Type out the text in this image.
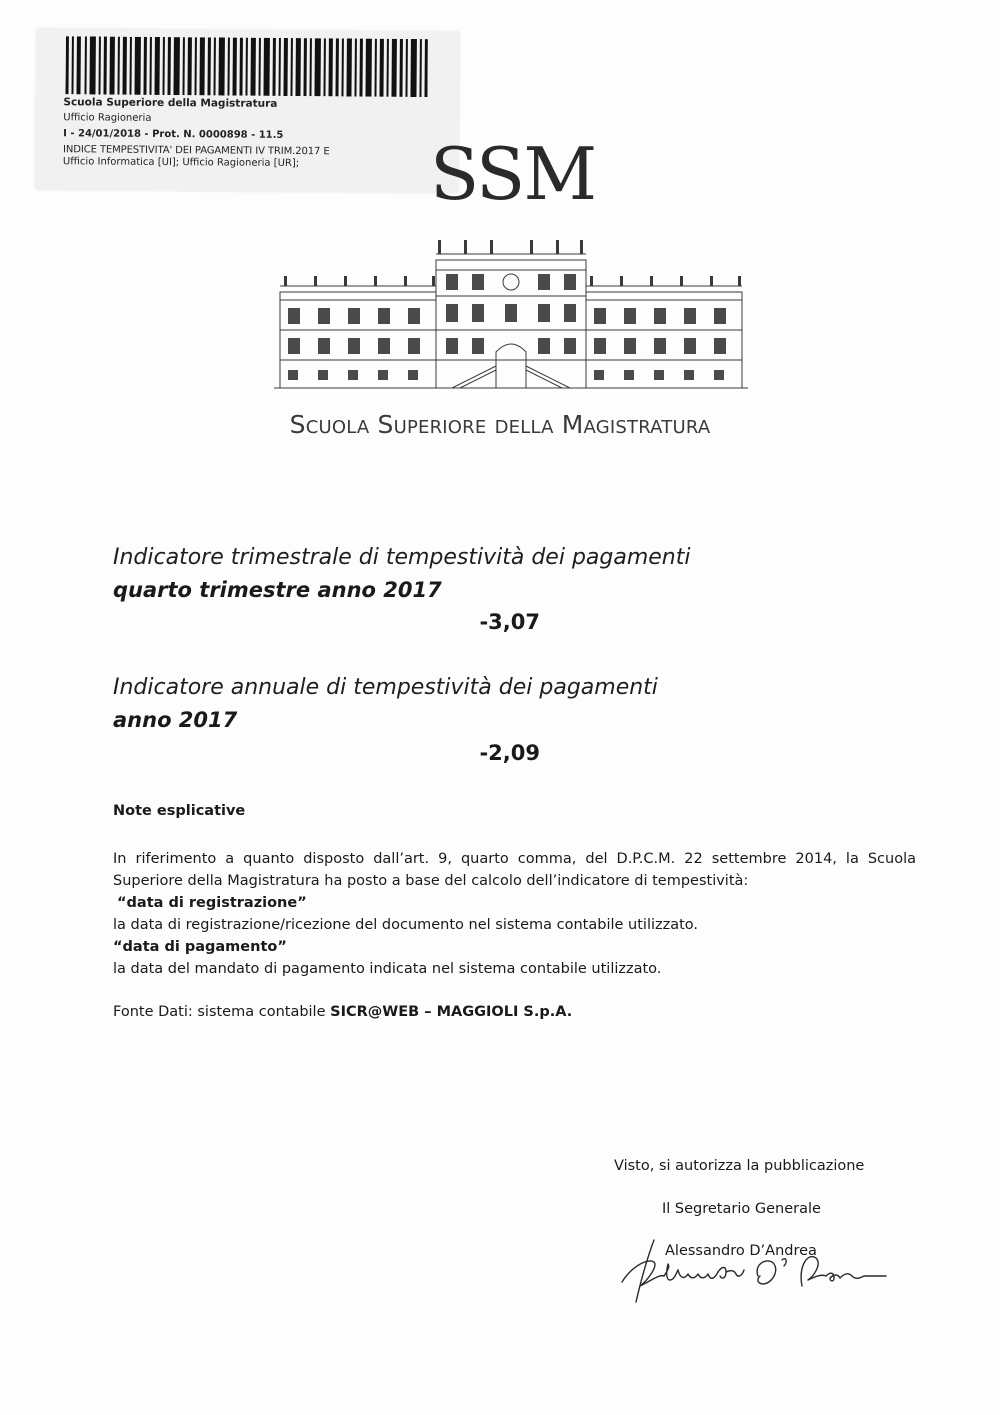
Scuola Superiore della Magistratura
Ufficio Ragioneria
I - 24/01/2018 - Prot. N. 0000898 - 11.5
INDICE TEMPESTIVITA' DEI PAGAMENTI IV TRIM.2017 E
Ufficio Informatica [UI]; Ufficio Ragioneria [UR]; SSM
Scuola Superiore della Magistratura
Indicatore trimestrale di tempestività dei pagamenti
quarto trimestre anno 2017
-3,07
Indicatore annuale di tempestività dei pagamenti
anno 2017
-2,09
Note esplicative

In riferimento a quanto disposto dall’art. 9, quarto comma, del D.P.C.M. 22 settembre 2014, la Scuola Superiore della Magistratura ha posto a base del calcolo dell’indicatore di tempestività:

“data di registrazione”

la data di registrazione/ricezione del documento nel sistema contabile utilizzato.

“data di pagamento”

la data del mandato di pagamento indicata nel sistema contabile utilizzato.

Fonte Dati: sistema contabile SICR@WEB – MAGGIOLI S.p.A.
Visto, si autorizza la pubblicazione
Il Segretario Generale
Alessandro D’Andrea
